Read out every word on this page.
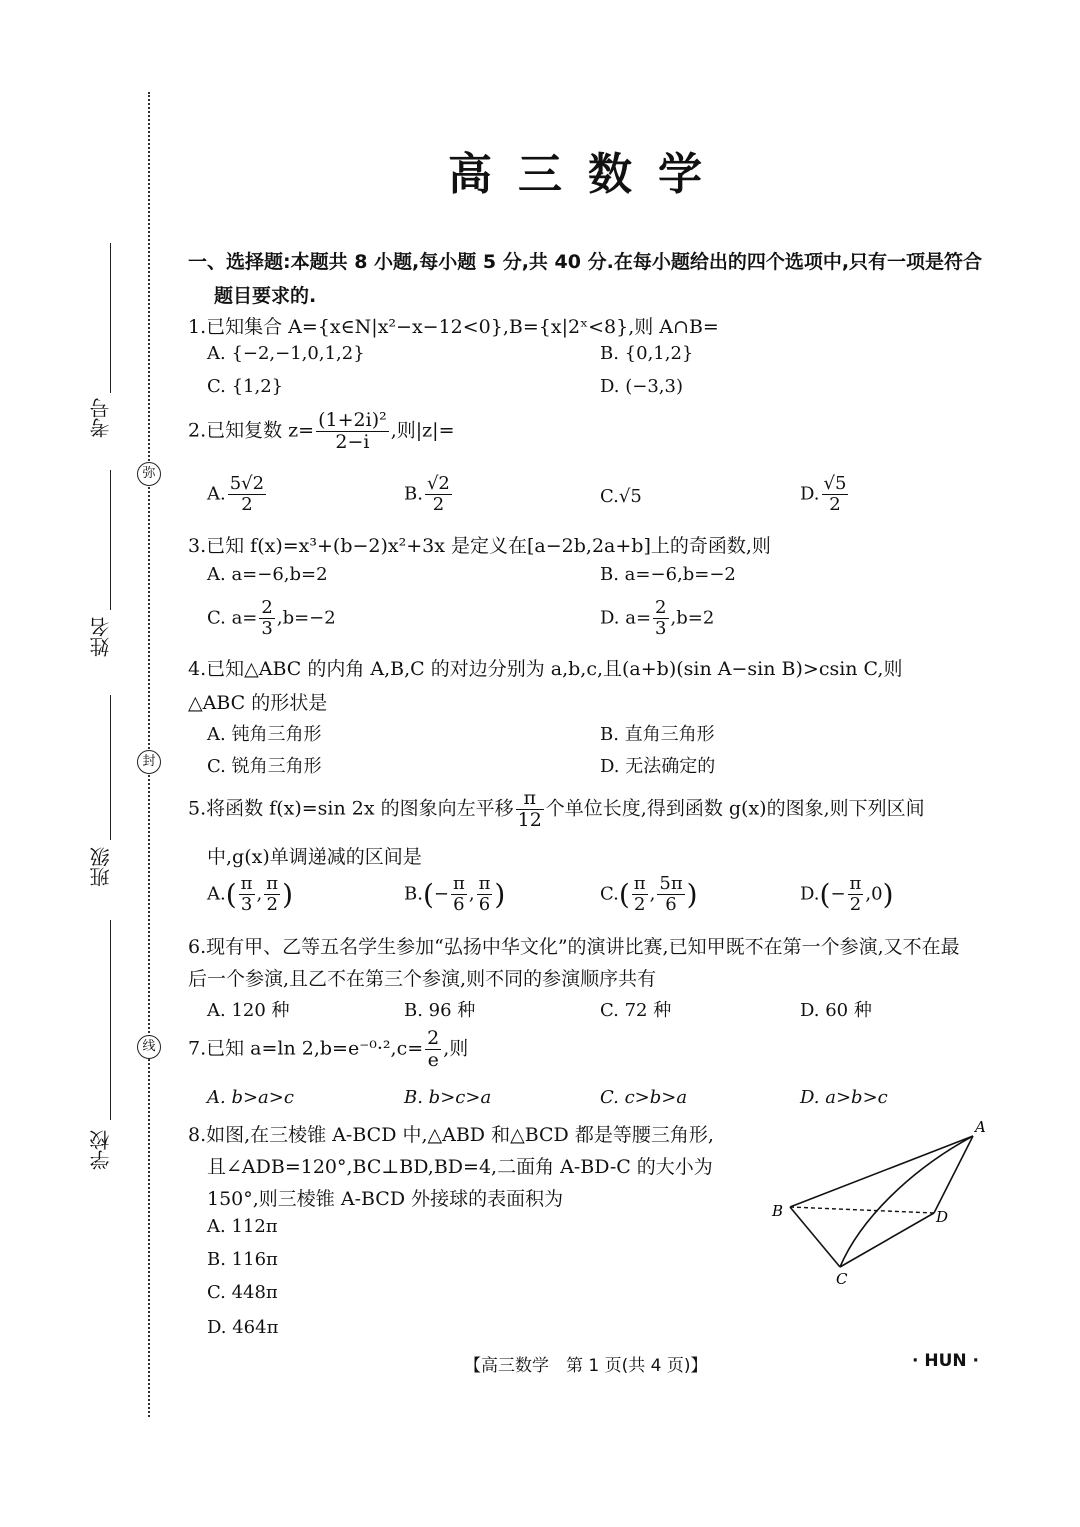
考号
姓名
班级
学校
弥
封
线
高三数学
一、选择题:本题共 8 小题,每小题 5 分,共 40 分.在每小题给出的四个选项中,只有一项是符合
题目要求的.
1.已知集合 A={x∈N|x²−x−12<0},B={x|2ˣ<8},则 A∩B=
A. {−2,−1,0,1,2}	B. {0,1,2}
C. {1,2}	D. (−3,3)
2.已知复数 $z= \frac{\text{(1+2i)²}}{2-i}$ ,则|z|=
A. $\frac{5√2}{2}$	B. $\frac{√2}{2}$	C.√5	D. $\frac{√5}{2}$
3.已知 f(x)=x³+(b−2)x²+3x 是定义在[a−2b,2a+b]上的奇函数,则
A. a=−6,b=2	B. a=−6,b=−2
C. $a= \frac{2}{3} ,b=-2$	D. $a= \frac{2}{3} ,b=2$
4.已知△ABC 的内角 A,B,C 的对边分别为 a,b,c,且(a+b)(sin A−sin B)>csin C,则
△ABC 的形状是
A. 钝角三角形	B. 直角三角形
C. 锐角三角形	D. 无法确定的
5.将函数 f(x)=sin 2x 的图象向左平移 $\frac{\pi}{12}$ 个单位长度,得到函数 g(x)的图象,则下列区间
中,g(x)单调递减的区间是
$A.( \frac{\pi}{3}$ , $\frac{\pi}{2}$ )	$B.(- \frac{\pi}{6}$ , $\frac{\pi}{6}$ )	$C.( \frac{\pi}{2}$ , $\frac{5\pi}{6}$ )	$D.(- \frac{\pi}{2} ,0)$
6.现有甲、乙等五名学生参加“弘扬中华文化”的演讲比赛,已知甲既不在第一个参演,又不在最
后一个参演,且乙不在第三个参演,则不同的参演顺序共有
A. 120 种	B. 96 种	C. 72 种	D. 60 种
7.已知 a=ln $2,b=e^{-0}\cdot^2,c= \frac{2}{e}$ ,则
A. b>a>c	B. b>c>a	C. c>b>a	D. a>b>c
8.如图,在三棱锥 A-BCD 中,△ABD 和△BCD 都是等腰三角形,
且∠ADB=120°,BC⊥BD,BD=4,二面角 A-BD-C 的大小为
150°,则三棱锥 A-BCD 外接球的表面积为
A. 112π
B. 116π
C. 448π
D. 464π
A
B
C
D
【高三数学　第 1 页(共 4 页)】	· HUN ·
